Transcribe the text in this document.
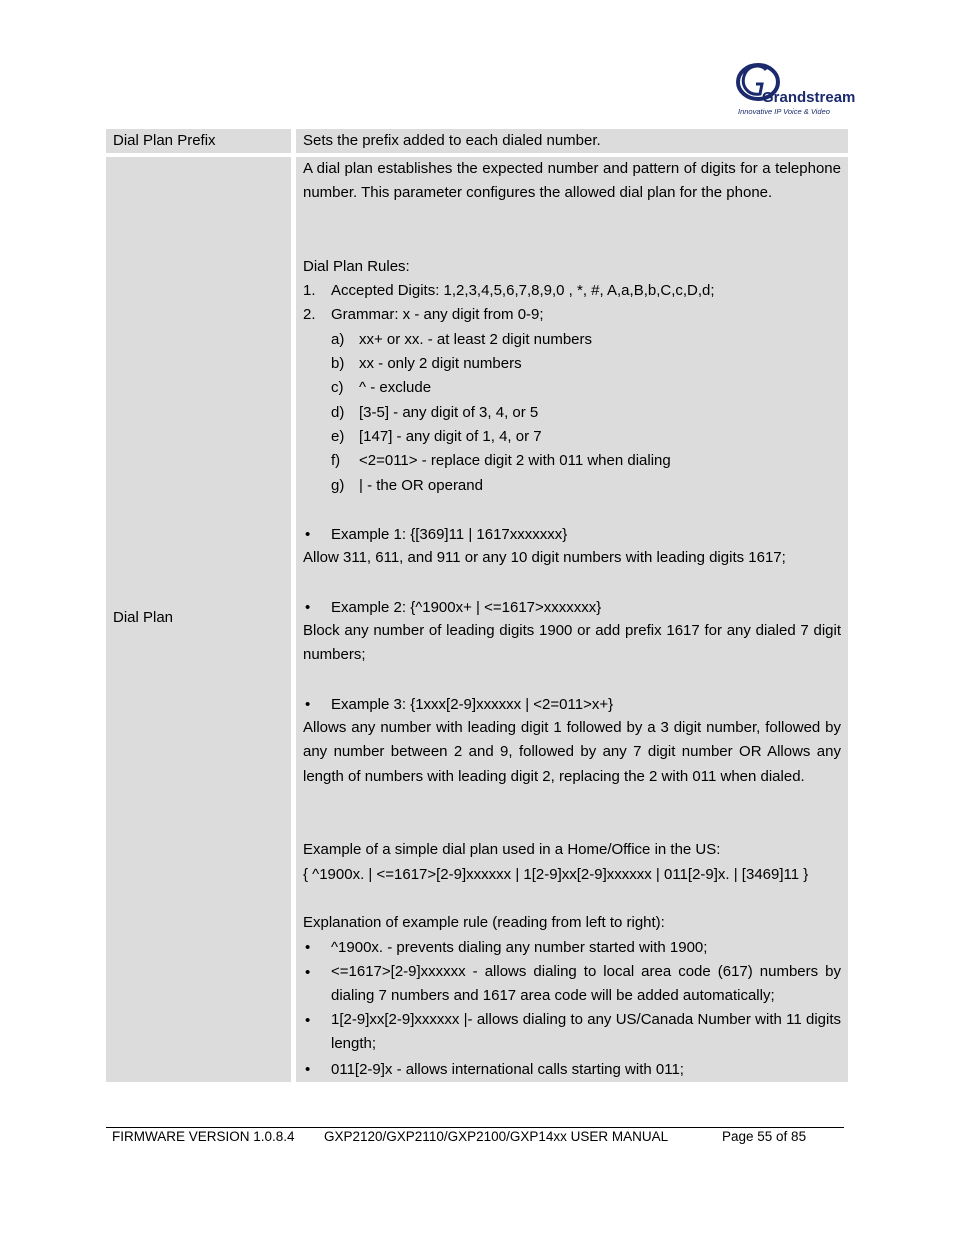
Grandstream
Innovative IP Voice & Video
Dial Plan Prefix	Sets the prefix added to each dialed number.
Dial Plan
A dial plan establishes the expected number and pattern of digits for a telephone number. This parameter configures the allowed dial plan for the phone.
Dial Plan Rules:
1. Accepted Digits: 1,2,3,4,5,6,7,8,9,0 , *, #, A,a,B,b,C,c,D,d;
2. Grammar: x - any digit from 0-9;
a) xx+ or xx. - at least 2 digit numbers
b) xx - only 2 digit numbers
c) ^ - exclude
d) [3-5] - any digit of 3, 4, or 5
e) [147] - any digit of 1, 4, or 7
f) <2=011> - replace digit 2 with 011 when dialing
g) | - the OR operand
• Example 1: {[369]11 | 1617xxxxxxx}
Allow 311, 611, and 911 or any 10 digit numbers with leading digits 1617;
• Example 2: {^1900x+ | <=1617>xxxxxxx}
Block any number of leading digits 1900 or add prefix 1617 for any dialed 7 digit numbers;
• Example 3: {1xxx[2-9]xxxxxx | <2=011>x+}
Allows any number with leading digit 1 followed by a 3 digit number, followed by any number between 2 and 9, followed by any 7 digit number OR Allows any length of numbers with leading digit 2, replacing the 2 with 011 when dialed.
Example of a simple dial plan used in a Home/Office in the US:
{ ^1900x. | <=1617>[2-9]xxxxxx | 1[2-9]xx[2-9]xxxxxx | 011[2-9]x. | [3469]11 }
Explanation of example rule (reading from left to right):
• ^1900x. - prevents dialing any number started with 1900;
• <=1617>[2-9]xxxxxx - allows dialing to local area code (617) numbers by dialing 7 numbers and 1617 area code will be added automatically;
• 1[2-9]xx[2-9]xxxxxx |- allows dialing to any US/Canada Number with 11 digits length;
• 011[2-9]x - allows international calls starting with 011;
FIRMWARE VERSION 1.0.8.4 GXP2120/GXP2110/GXP2100/GXP14xx USER MANUAL	Page 55 of 85
